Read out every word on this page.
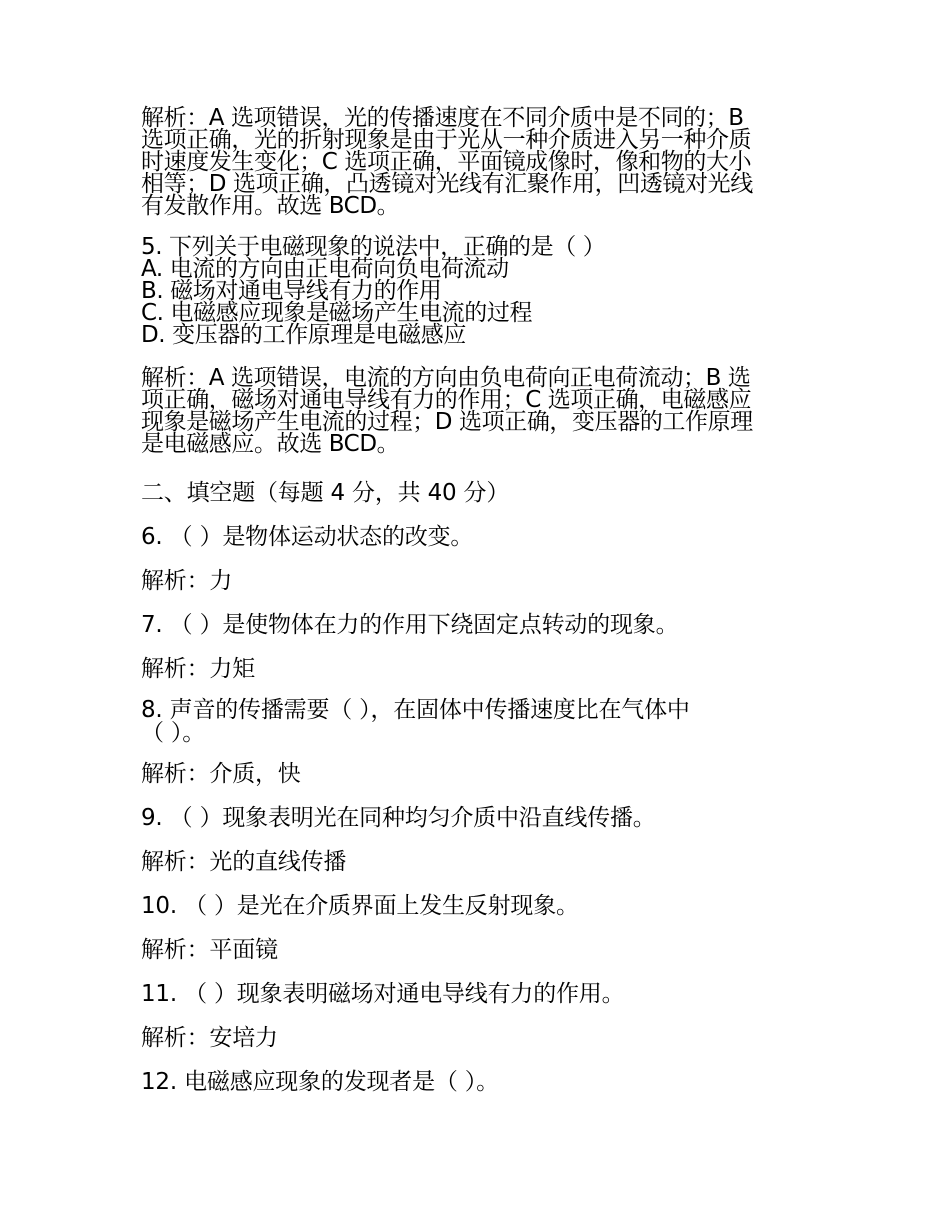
解析：A 选项错误，光的传播速度在不同介质中是不同的；B
选项正确，光的折射现象是由于光从一种介质进入另一种介质
时速度发生变化；C 选项正确，平面镜成像时，像和物的大小
相等；D 选项正确，凸透镜对光线有汇聚作用，凹透镜对光线
有发散作用。故选 BCD。
5. 下列关于电磁现象的说法中，正确的是（ ）
A. 电流的方向由正电荷向负电荷流动
B. 磁场对通电导线有力的作用
C. 电磁感应现象是磁场产生电流的过程
D. 变压器的工作原理是电磁感应
解析：A 选项错误，电流的方向由负电荷向正电荷流动；B 选
项正确，磁场对通电导线有力的作用；C 选项正确，电磁感应
现象是磁场产生电流的过程；D 选项正确，变压器的工作原理
是电磁感应。故选 BCD。

二、填空题（每题 4 分，共 40 分）

6. （ ）是物体运动状态的改变。

解析：力

7. （ ）是使物体在力的作用下绕固定点转动的现象。

解析：力矩

8. 声音的传播需要（ ），在固体中传播速度比在气体中
（ ）。

解析：介质，快

9. （ ）现象表明光在同种均匀介质中沿直线传播。

解析：光的直线传播

10. （ ）是光在介质界面上发生反射现象。

解析：平面镜

11. （ ）现象表明磁场对通电导线有力的作用。

解析：安培力

12. 电磁感应现象的发现者是（ ）。
